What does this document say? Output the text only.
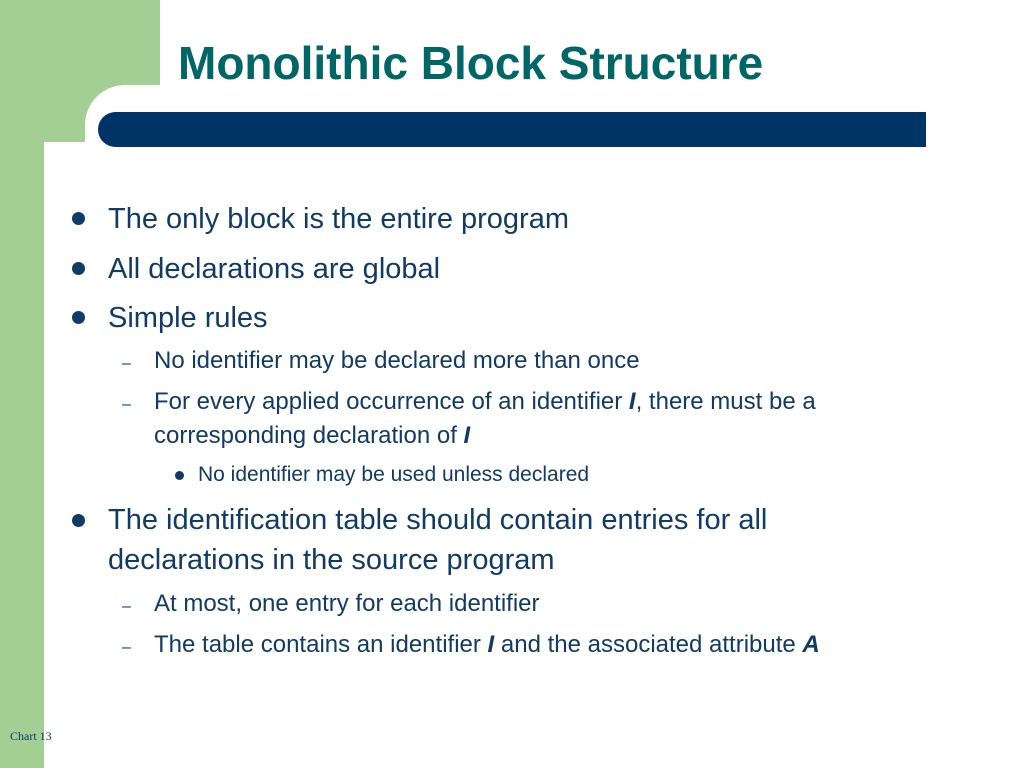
Monolithic Block Structure

The only block is the entire program

All declarations are global

Simple rules

– No identifier may be declared more than once

– For every applied occurrence of an identifier I, there must be a

corresponding declaration of I

No identifier may be used unless declared

The identification table should contain entries for all

declarations in the source program

– At most, one entry for each identifier

– The table contains an identifier I and the associated attribute A

Chart 13
